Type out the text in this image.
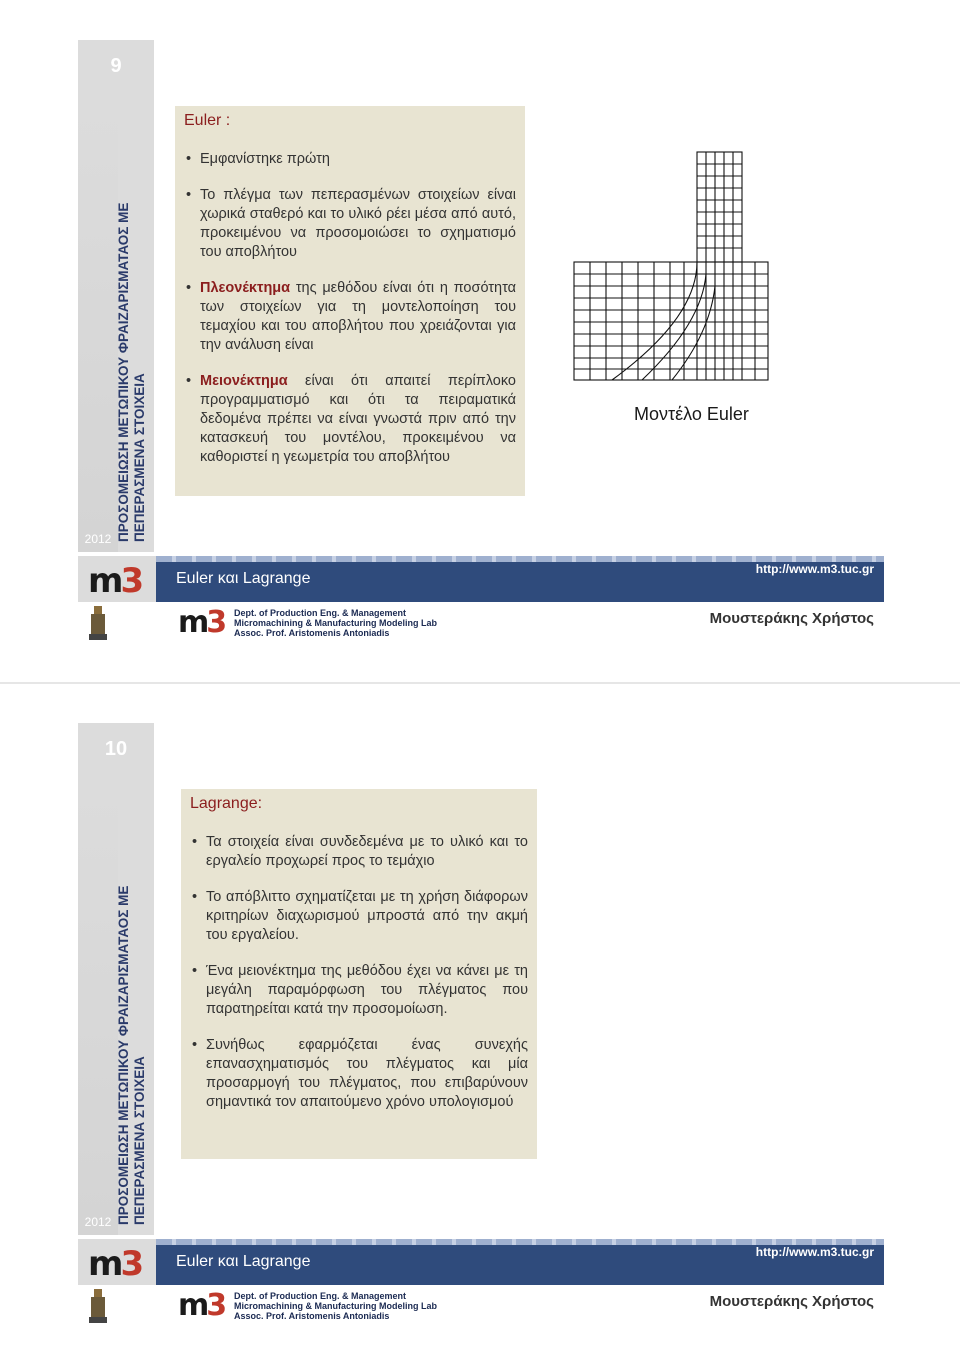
9
ΠΡΟΣΟΜΕΙΩΣΗ ΜΕΤΩΠΙΚΟΥ ΦΡΑΙΖΑΡΙΣΜΑΤΑΟΣ ΜΕ ΠΕΠΕΡΑΣΜΕΝΑ ΣΤΟΙΧΕΙΑ
2012
Euler :
• Εμφανίστηκε πρώτη
• Το πλέγμα των πεπερασμένων στοιχείων είναι χωρικά σταθερό και το υλικό ρέει μέσα από αυτό, προκειμένου να προσομοιώσει το σχηματισμό του αποβλήτου
• Πλεονέκτημα της μεθόδου είναι ότι η ποσότητα των στοιχείων για τη μοντελοποίηση του τεμαχίου και του αποβλήτου που χρειάζονται για την ανάλυση είναι
• Μειονέκτημα είναι ότι απαιτεί περίπλοκο προγραμματισμό και ότι τα πειραματικά δεδομένα πρέπει να είναι γνωστά πριν από την κατασκευή του μοντέλου, προκειμένου να καθοριστεί η γεωμετρία του αποβλήτου
Μοντέλο Euler
m3 Euler και Lagrange
http://www.m3.tuc.gr
m3 Dept. of Production Eng. & Management
Micromachining & Manufacturing Modeling Lab
Assoc. Prof. Aristomenis Antoniadis
Μουστεράκης Χρήστος
10
ΠΡΟΣΟΜΕΙΩΣΗ ΜΕΤΩΠΙΚΟΥ ΦΡΑΙΖΑΡΙΣΜΑΤΑΟΣ ΜΕ ΠΕΠΕΡΑΣΜΕΝΑ ΣΤΟΙΧΕΙΑ
2012
Lagrange:
• Τα στοιχεία είναι συνδεδεμένα με το υλικό και το εργαλείο προχωρεί προς το τεμάχιο
• Το απόβλιττο σχηματίζεται με τη χρήση διάφορων κριτηρίων διαχωρισμού μπροστά από την ακμή του εργαλείου.
• Ένα μειονέκτημα της μεθόδου έχει να κάνει με τη μεγάλη παραμόρφωση του πλέγματος που παρατηρείται κατά την προσομοίωση.
• Συνήθως εφαρμόζεται ένας συνεχής επανασχηματισμός του πλέγματος και μία προσαρμογή του πλέγματος, που επιβαρύνουν σημαντικά τον απαιτούμενο χρόνο υπολογισμού
m3 Euler και Lagrange
http://www.m3.tuc.gr
m3 Dept. of Production Eng. & Management
Micromachining & Manufacturing Modeling Lab
Assoc. Prof. Aristomenis Antoniadis
Μουστεράκης Χρήστος
